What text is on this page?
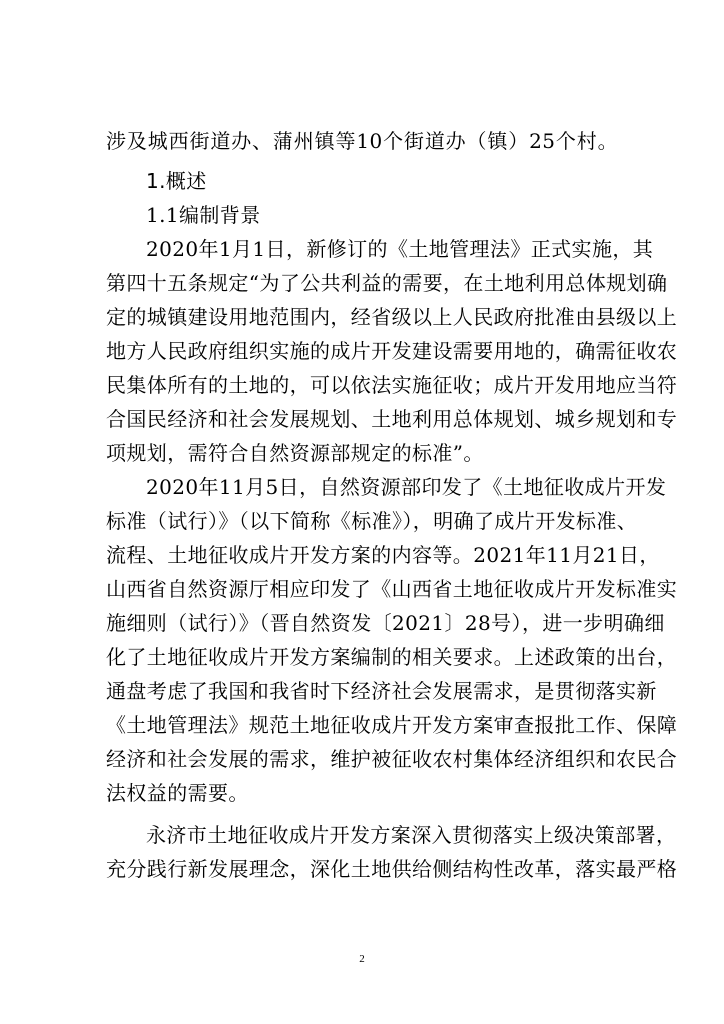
涉及城西街道办、蒲州镇等10个街道办（镇）25个村。
1.概述
1.1编制背景
2020年1月1日，新修订的《土地管理法》正式实施，其
第四十五条规定“为了公共利益的需要，在土地利用总体规划确
定的城镇建设用地范围内，经省级以上人民政府批准由县级以上
地方人民政府组织实施的成片开发建设需要用地的，确需征收农
民集体所有的土地的，可以依法实施征收；成片开发用地应当符
合国民经济和社会发展规划、土地利用总体规划、城乡规划和专
项规划，需符合自然资源部规定的标准”。
2020年11月5日，自然资源部印发了《土地征收成片开发
标准（试行）》（以下简称《标准》），明确了成片开发标准、
流程、土地征收成片开发方案的内容等。2021年11月21日，
山西省自然资源厅相应印发了《山西省土地征收成片开发标准实
施细则（试行）》（晋自然资发〔2021〕28号），进一步明确细
化了土地征收成片开发方案编制的相关要求。上述政策的出台，
通盘考虑了我国和我省时下经济社会发展需求，是贯彻落实新
《土地管理法》规范土地征收成片开发方案审查报批工作、保障
经济和社会发展的需求，维护被征收农村集体经济组织和农民合
法权益的需要。
永济市土地征收成片开发方案深入贯彻落实上级决策部署，
充分践行新发展理念，深化土地供给侧结构性改革，落实最严格
2
